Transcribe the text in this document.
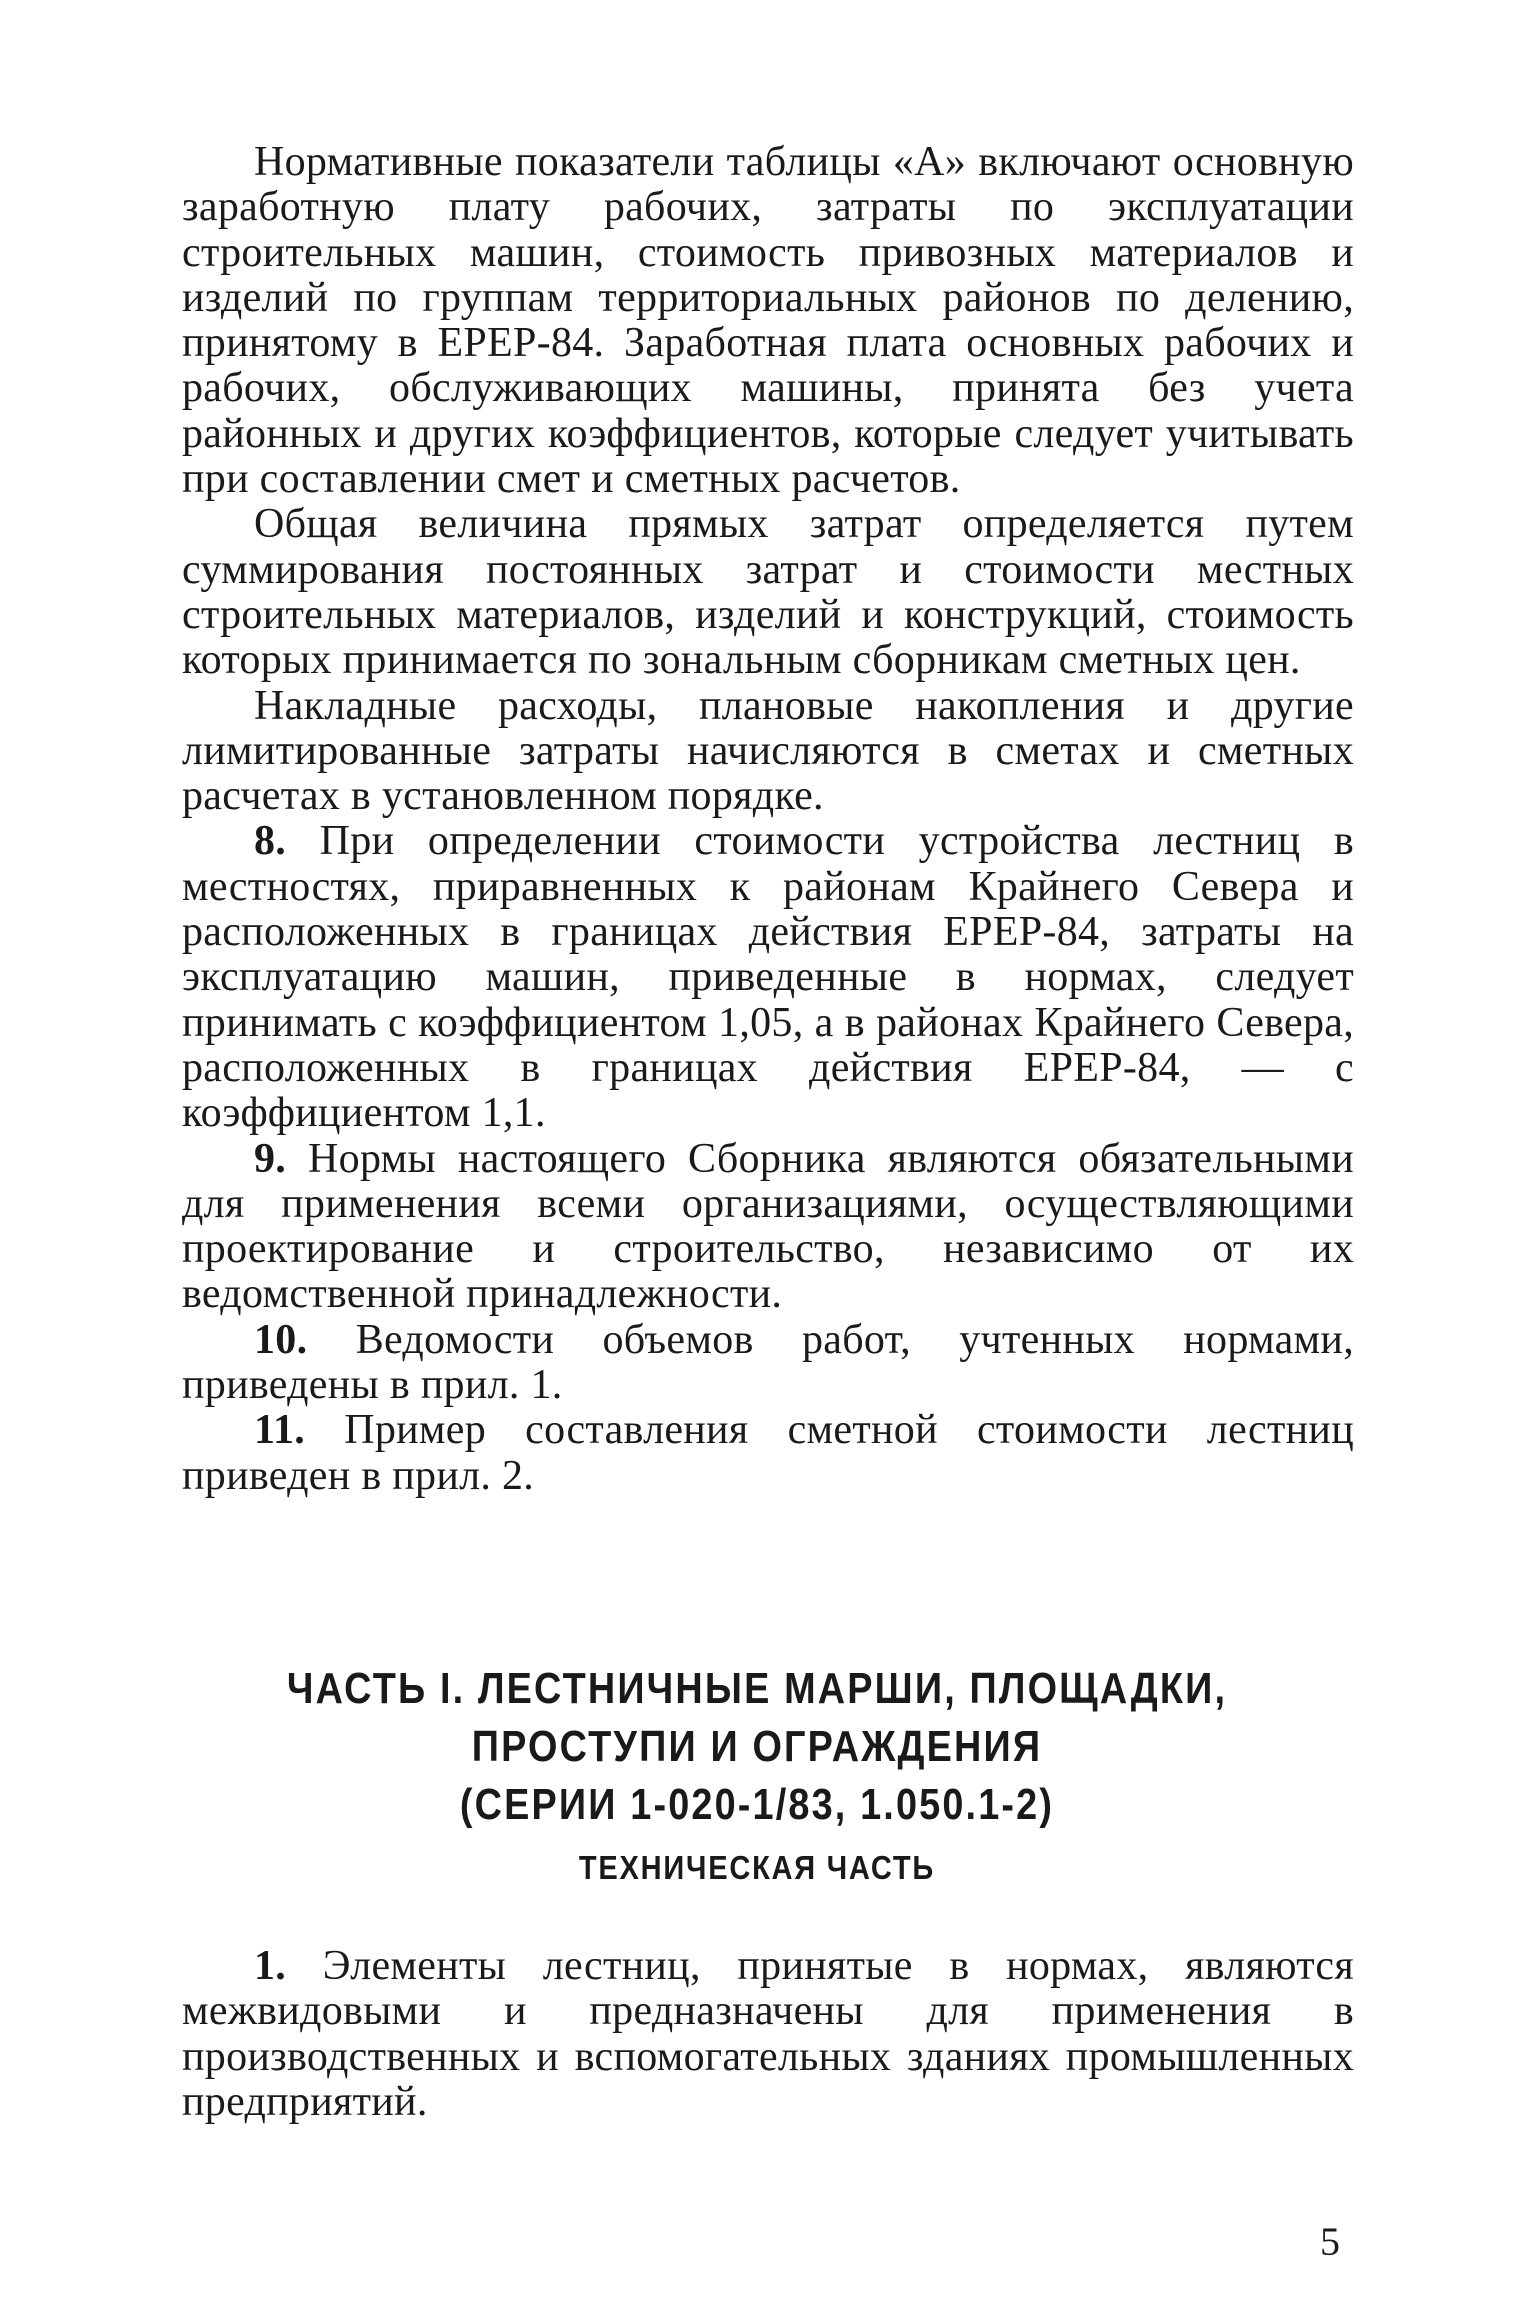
Нормативные показатели таблицы «А» включают основную заработную плату рабочих, затраты по эксплуатации строительных машин, стоимость привозных материалов и изделий по группам территориальных районов по делению, принятому в ЕРЕР-84. Заработная плата основных рабочих и рабочих, обслуживающих машины, принята без учета районных и других коэффициентов, которые следует учитывать при составлении смет и сметных расчетов.

Общая величина прямых затрат определяется путем суммирования постоянных затрат и стоимости местных строительных материалов, изделий и конструкций, стоимость которых принимается по зональным сборникам сметных цен.

Накладные расходы, плановые накопления и другие лимитированные затраты начисляются в сметах и сметных расчетах в установленном порядке.

8. При определении стоимости устройства лестниц в местностях, приравненных к районам Крайнего Севера и расположенных в границах действия ЕРЕР-84, затраты на эксплуатацию машин, приведенные в нормах, следует принимать с коэффициентом 1,05, а в районах Крайнего Севера, расположенных в границах действия ЕРЕР-84, — с коэффициентом 1,1.

9. Нормы настоящего Сборника являются обязательными для применения всеми организациями, осуществляющими проектирование и строительство, независимо от их ведомственной принадлежности.

10. Ведомости объемов работ, учтенных нормами, приведены в прил. 1.

11. Пример составления сметной стоимости лестниц приведен в прил. 2.

ЧАСТЬ I. ЛЕСТНИЧНЫЕ МАРШИ, ПЛОЩАДКИ,
ПРОСТУПИ И ОГРАЖДЕНИЯ
(СЕРИИ 1-020-1/83, 1.050.1-2)
ТЕХНИЧЕСКАЯ ЧАСТЬ

1. Элементы лестниц, принятые в нормах, являются межвидовыми и предназначены для применения в производственных и вспомогательных зданиях промышленных предприятий.

5
